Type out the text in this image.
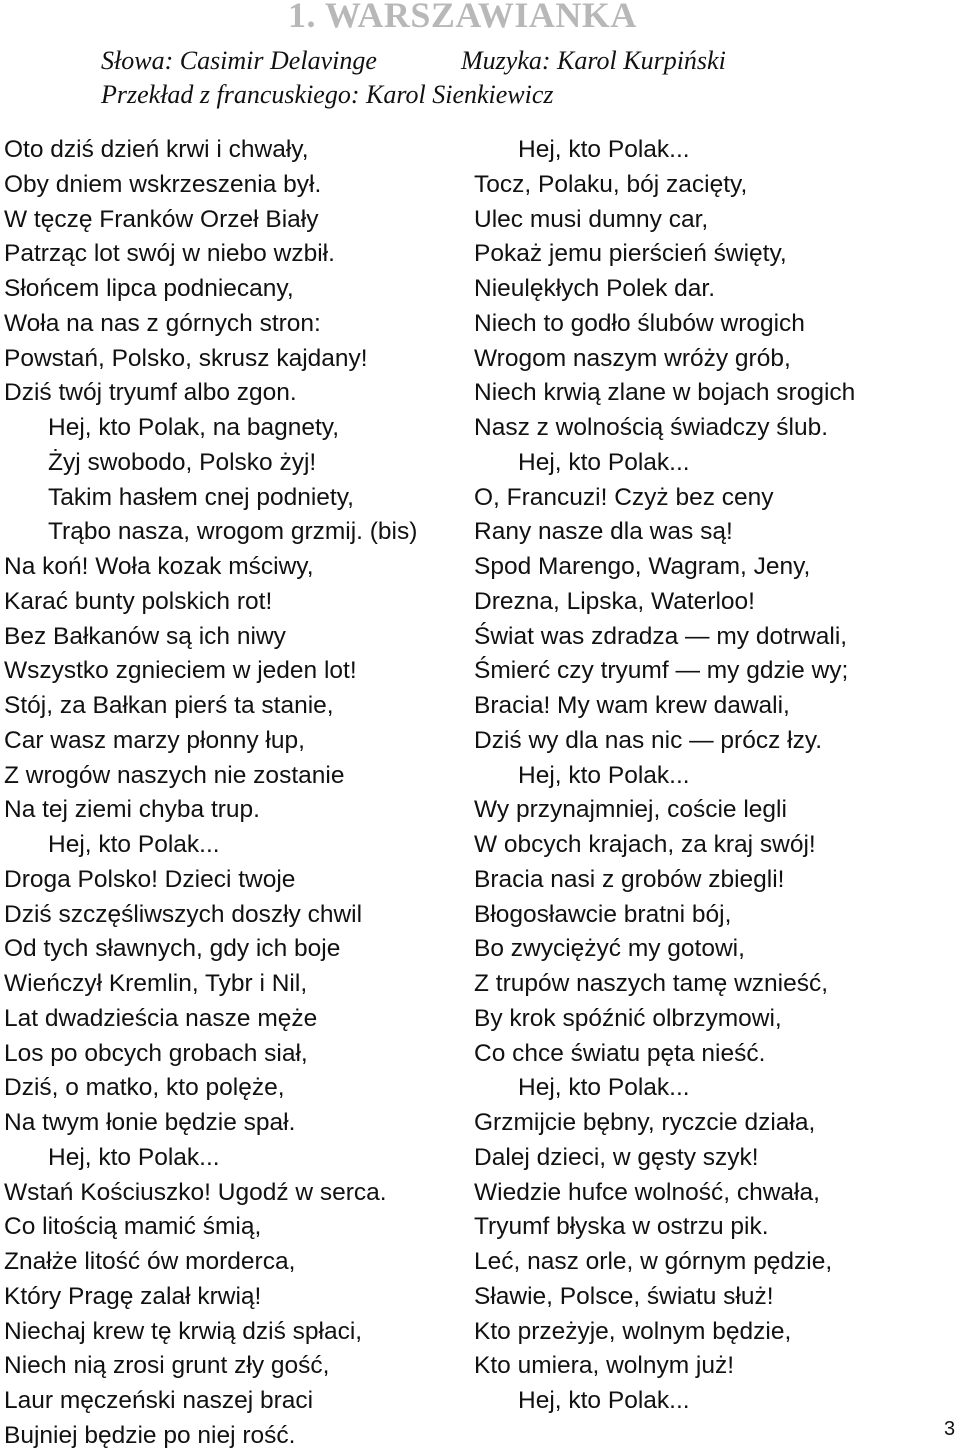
1. WARSZAWIANKA
Słowa: Casimir Delavinge	Muzyka: Karol Kurpiński
Przekład z francuskiego: Karol Sienkiewicz
Oto dziś dzień krwi i chwały,
Oby dniem wskrzeszenia był.
W tęczę Franków Orzeł Biały
Patrząc lot swój w niebo wzbił.
Słońcem lipca podniecany,
Woła na nas z górnych stron:
Powstań, Polsko, skrusz kajdany!
Dziś twój tryumf albo zgon.
Hej, kto Polak, na bagnety,
Żyj swobodo, Polsko żyj!
Takim hasłem cnej podniety,
Trąbo nasza, wrogom grzmij. (bis)
Na koń! Woła kozak mściwy,
Karać bunty polskich rot!
Bez Bałkanów są ich niwy
Wszystko zgnieciem w jeden lot!
Stój, za Bałkan pierś ta stanie,
Car wasz marzy płonny łup,
Z wrogów naszych nie zostanie
Na tej ziemi chyba trup.
Hej, kto Polak...
Droga Polsko! Dzieci twoje
Dziś szczęśliwszych doszły chwil
Od tych sławnych, gdy ich boje
Wieńczył Kremlin, Tybr i Nil,
Lat dwadzieścia nasze męże
Los po obcych grobach siał,
Dziś, o matko, kto polęże,
Na twym łonie będzie spał.
Hej, kto Polak...
Wstań Kościuszko! Ugodź w serca.
Co litością mamić śmią,
Znałże litość ów morderca,
Który Pragę zalał krwią!
Niechaj krew tę krwią dziś spłaci,
Niech nią zrosi grunt zły gość,
Laur męczeński naszej braci
Bujniej będzie po niej rość.
Hej, kto Polak...
Tocz, Polaku, bój zacięty,
Ulec musi dumny car,
Pokaż jemu pierścień święty,
Nieulękłych Polek dar.
Niech to godło ślubów wrogich
Wrogom naszym wróży grób,
Niech krwią zlane w bojach srogich
Nasz z wolnością świadczy ślub.
Hej, kto Polak...
O, Francuzi! Czyż bez ceny
Rany nasze dla was są!
Spod Marengo, Wagram, Jeny,
Drezna, Lipska, Waterloo!
Świat was zdradza — my dotrwali,
Śmierć czy tryumf — my gdzie wy;
Bracia! My wam krew dawali,
Dziś wy dla nas nic — prócz łzy.
Hej, kto Polak...
Wy przynajmniej, coście legli
W obcych krajach, za kraj swój!
Bracia nasi z grobów zbiegli!
Błogosławcie bratni bój,
Bo zwyciężyć my gotowi,
Z trupów naszych tamę wznieść,
By krok spóźnić olbrzymowi,
Co chce światu pęta nieść.
Hej, kto Polak...
Grzmijcie bębny, ryczcie działa,
Dalej dzieci, w gęsty szyk!
Wiedzie hufce wolność, chwała,
Tryumf błyska w ostrzu pik.
Leć, nasz orle, w górnym pędzie,
Sławie, Polsce, światu służ!
Kto przeżyje, wolnym będzie,
Kto umiera, wolnym już!
Hej, kto Polak...
3
